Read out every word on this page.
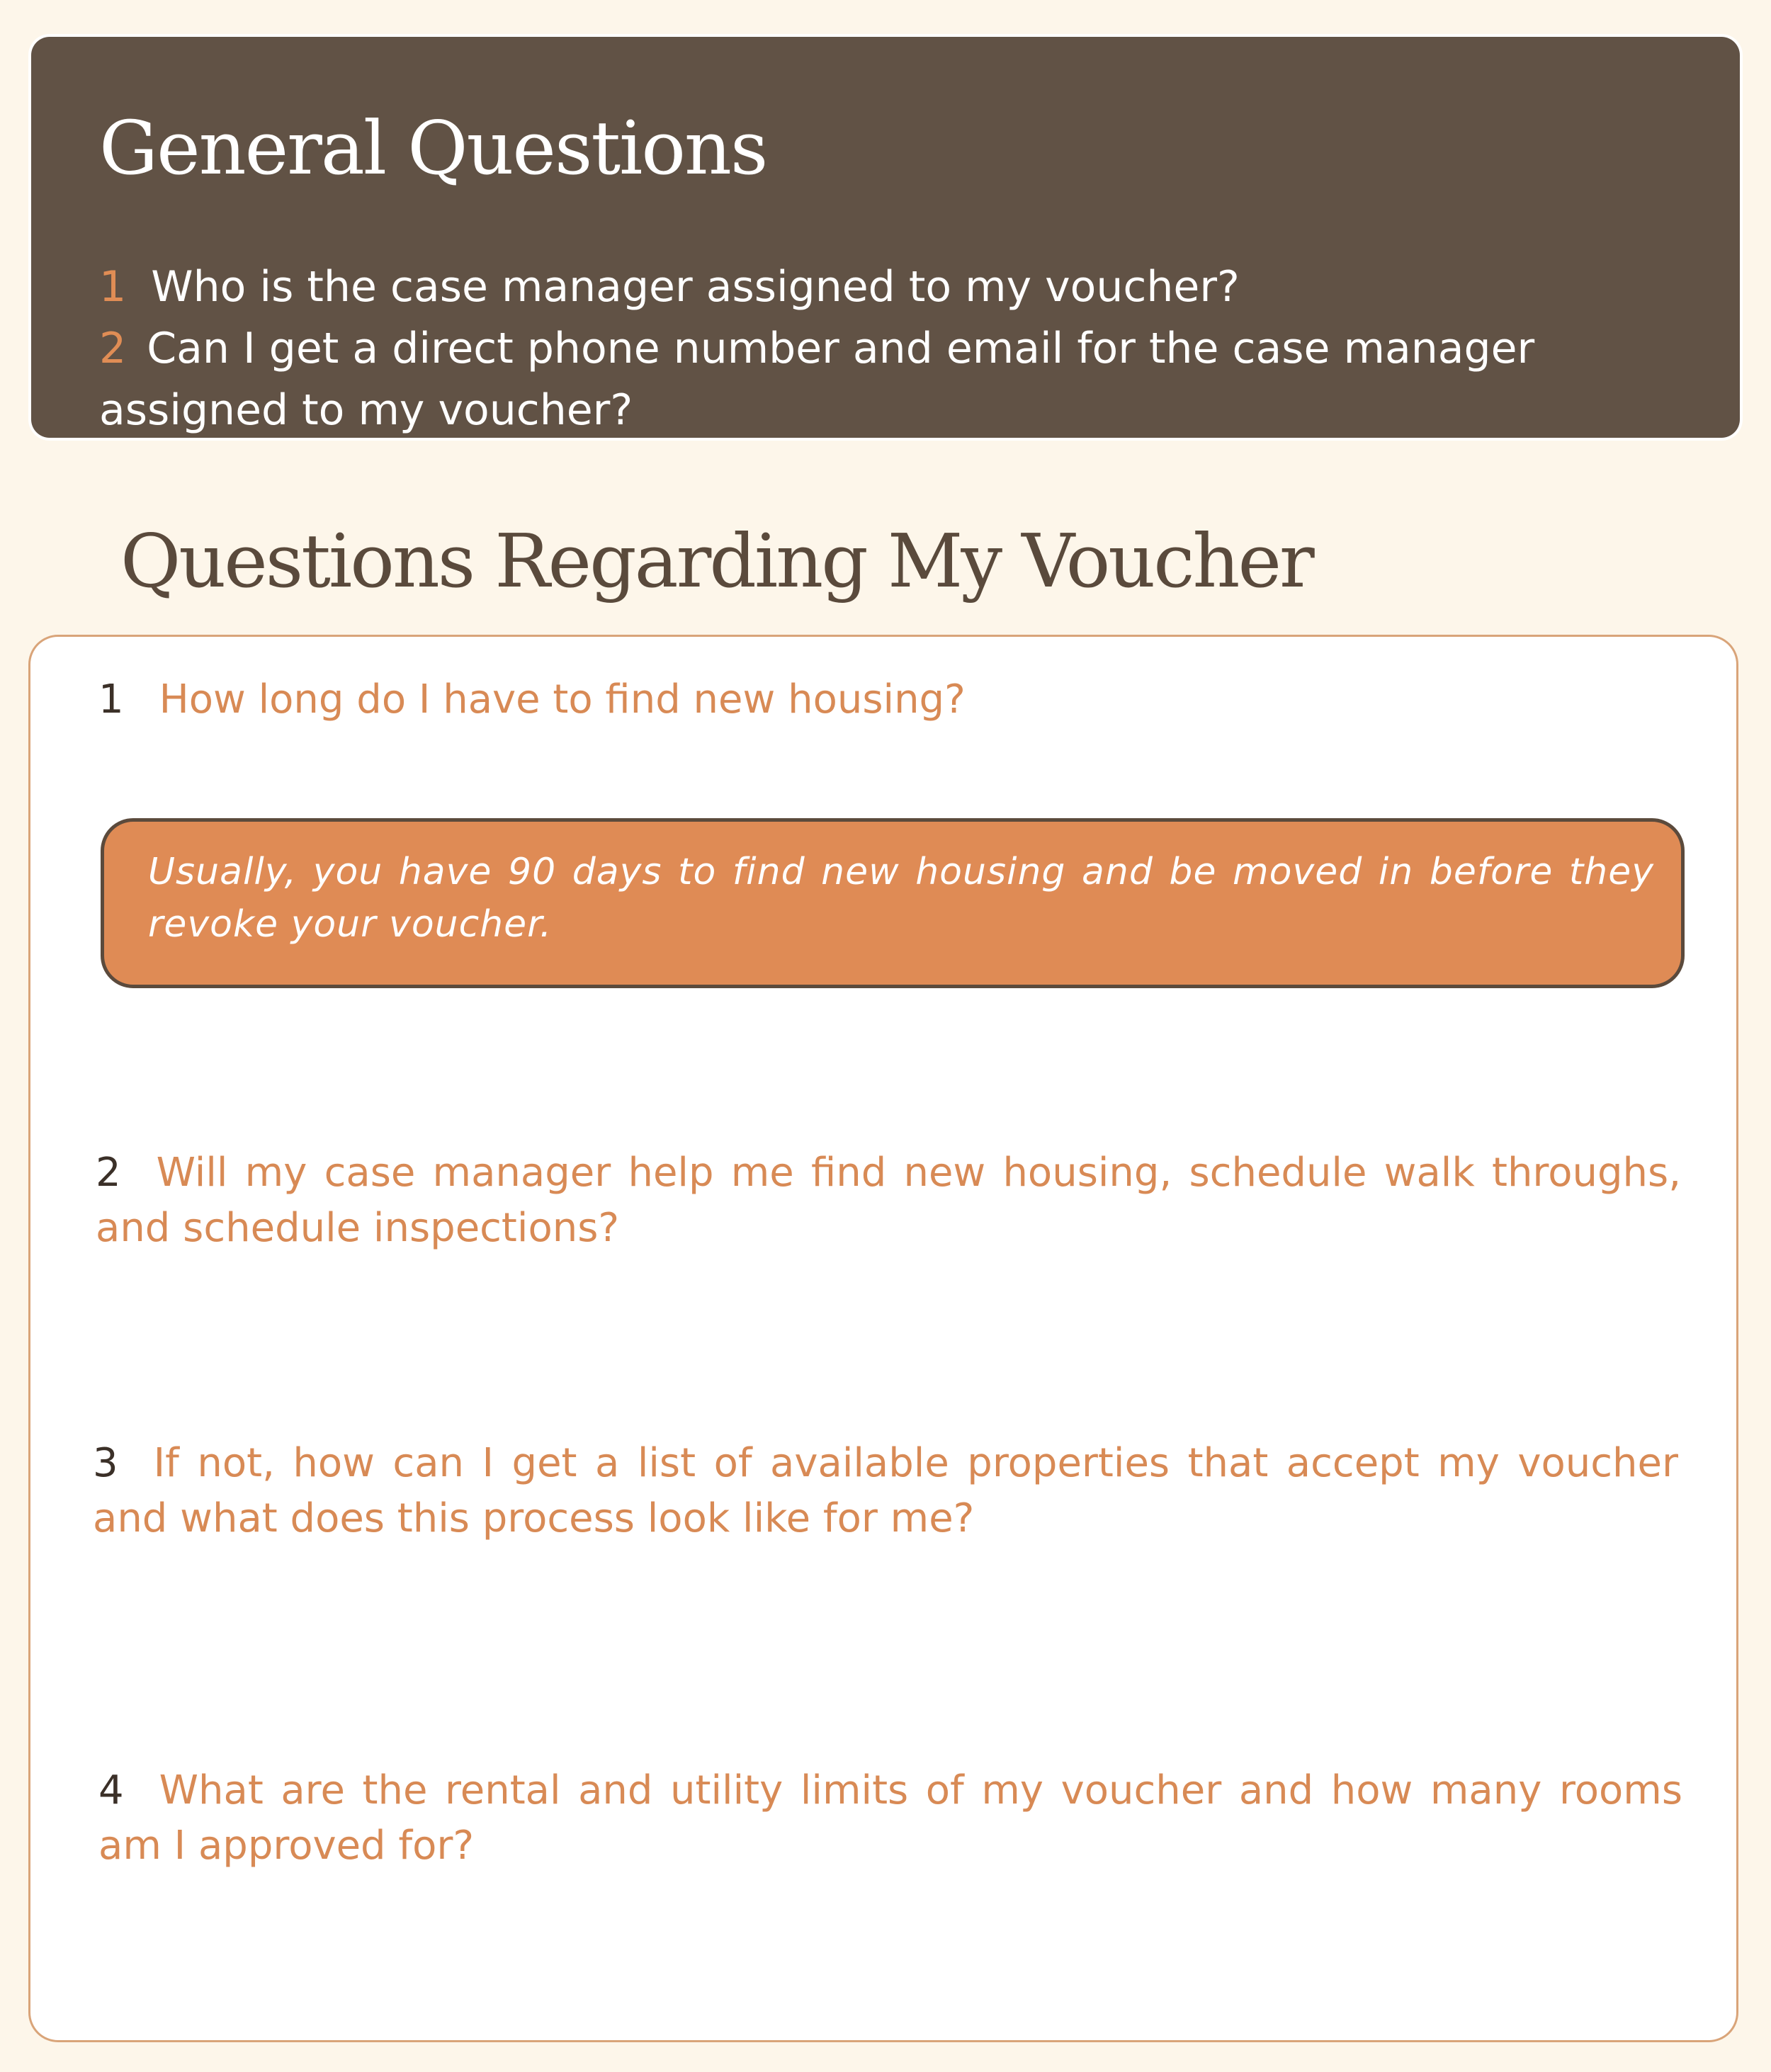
General Questions
1 Who is the case manager assigned to my voucher?
2 Can I get a direct phone number and email for the case manager assigned to my voucher?
Questions Regarding My Voucher

1 How long do I have to find new housing?

Usually, you have 90 days to find new housing and be moved in before they revoke your voucher.

2 Will my case manager help me find new housing, schedule walk throughs, and schedule inspections?

3 If not, how can I get a list of available properties that accept my voucher and what does this process look like for me?

4 What are the rental and utility limits of my voucher and how many rooms am I approved for?
